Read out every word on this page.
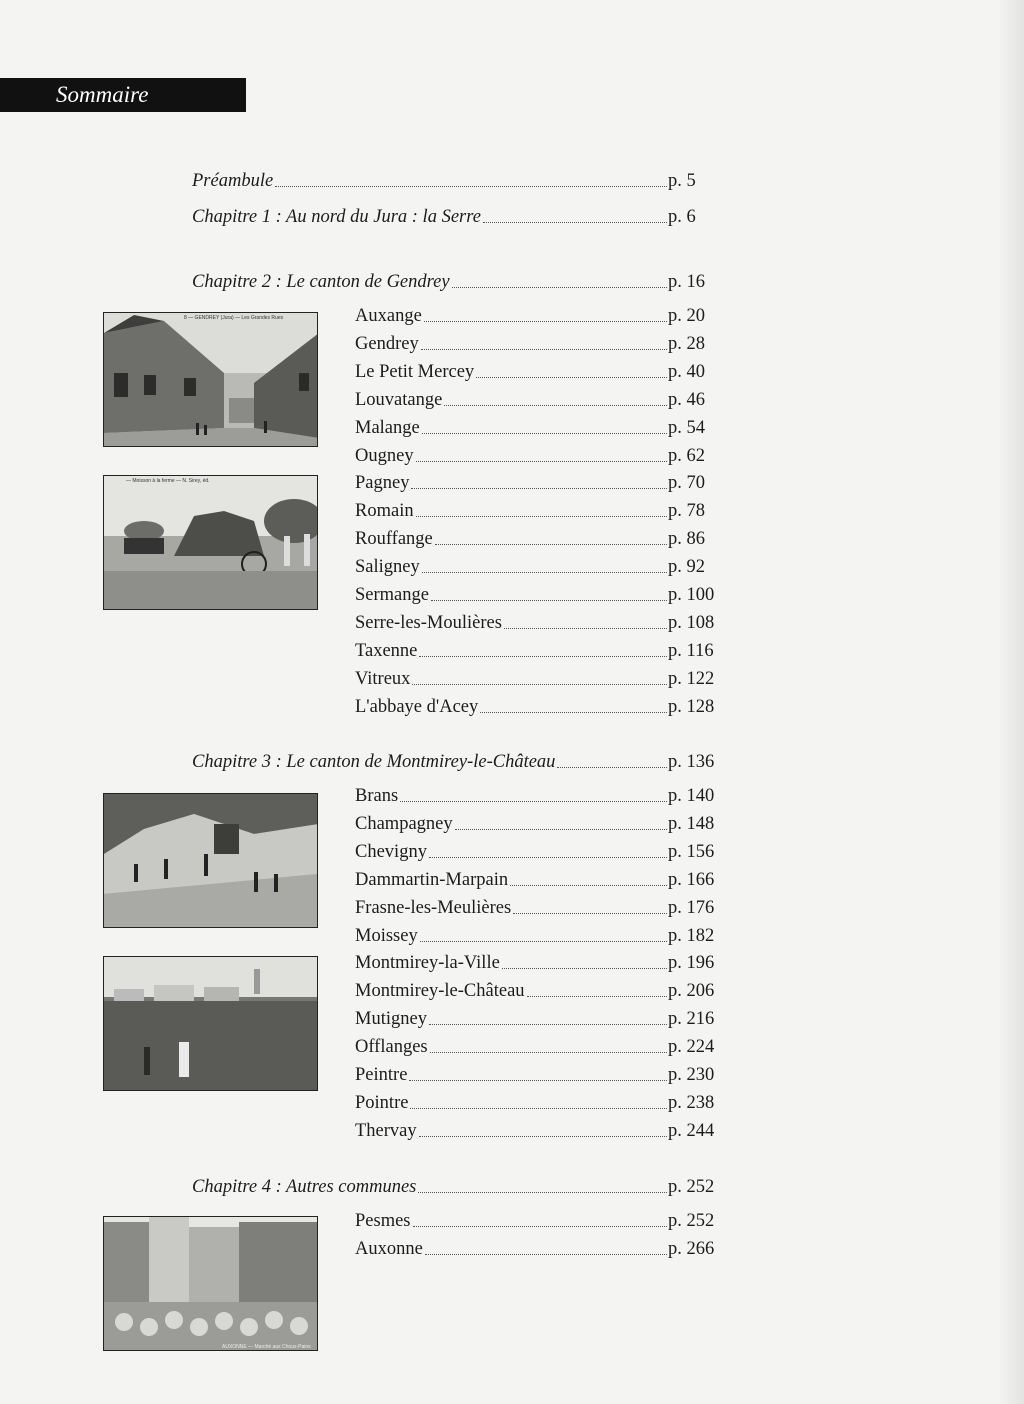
Sommaire
Préambule	p. 5
Chapitre 1 : Au nord du Jura : la Serre	p. 6
Chapitre 2 : Le canton de Gendrey	p. 16
Auxange	p. 20
Gendrey	p. 28
Le Petit Mercey	p. 40
Louvatange	p. 46
Malange	p. 54
Ougney	p. 62
Pagney	p. 70
Romain	p. 78
Rouffange	p. 86
Saligney	p. 92
Sermange	p. 100
Serre-les-Moulières	p. 108
Taxenne	p. 116
Vitreux	p. 122
L'abbaye d'Acey	p. 128
Chapitre 3 : Le canton de Montmirey-le-Château	p. 136
Brans	p. 140
Champagney	p. 148
Chevigny	p. 156
Dammartin-Marpain	p. 166
Frasne-les-Meulières	p. 176
Moissey	p. 182
Montmirey-la-Ville	p. 196
Montmirey-le-Château	p. 206
Mutigney	p. 216
Offlanges	p. 224
Peintre	p. 230
Pointre	p. 238
Thervay	p. 244
Chapitre 4 : Autres communes	p. 252
Pesmes	p. 252
Auxonne	p. 266
8 — GENDREY (Jura) — Les Grandes Rues
— Moisson à la ferme — N. Sirey, éd.
AUXONNE — Marché aux Choux-Pains
